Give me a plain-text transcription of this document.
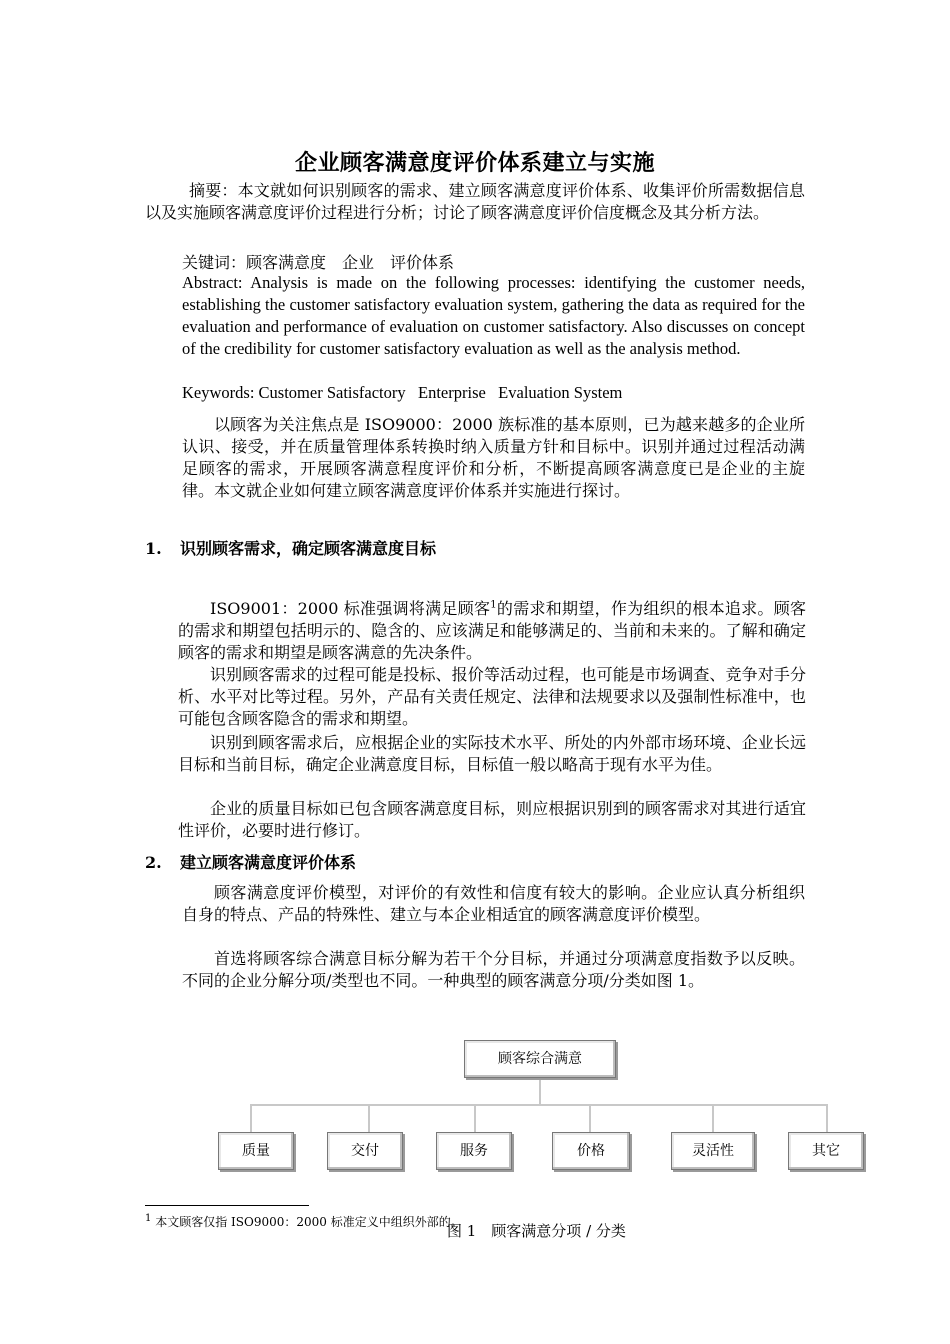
企业顾客满意度评价体系建立与实施

摘要：本文就如何识别顾客的需求、建立顾客满意度评价体系、收集评价所需数据信息以及实施顾客满意度评价过程进行分析；讨论了顾客满意度评价信度概念及其分析方法。

关键词：顾客满意度　企业　评价体系

Abstract: Analysis is made on the following processes: identifying the customer needs, establishing the customer satisfactory evaluation system, gathering the data as required for the evaluation and performance of evaluation on customer satisfactory. Also discusses on concept of the credibility for customer satisfactory evaluation as well as the analysis method.

Keywords: Customer Satisfactory   Enterprise   Evaluation System

以顾客为关注焦点是 ISO9000：2000 族标准的基本原则，已为越来越多的企业所认识、接受，并在质量管理体系转换时纳入质量方针和目标中。识别并通过过程活动满足顾客的需求，开展顾客满意程度评价和分析，不断提高顾客满意度已是企业的主旋律。本文就企业如何建立顾客满意度评价体系并实施进行探讨。

1. 识别顾客需求，确定顾客满意度目标

ISO9001：2000 标准强调将满足顾客$^1$的需求和期望，作为组织的根本追求。顾客的需求和期望包括明示的、隐含的、应该满足和能够满足的、当前和未来的。了解和确定顾客的需求和期望是顾客满意的先决条件。

识别顾客需求的过程可能是投标、报价等活动过程，也可能是市场调查、竞争对手分析、水平对比等过程。另外，产品有关责任规定、法律和法规要求以及强制性标准中，也可能包含顾客隐含的需求和期望。

识别到顾客需求后，应根据企业的实际技术水平、所处的内外部市场环境、企业长远目标和当前目标，确定企业满意度目标，目标值一般以略高于现有水平为佳。

企业的质量目标如已包含顾客满意度目标，则应根据识别到的顾客需求对其进行适宜性评价，必要时进行修订。

2. 建立顾客满意度评价体系

顾客满意度评价模型，对评价的有效性和信度有较大的影响。企业应认真分析组织自身的特点、产品的特殊性、建立与本企业相适宜的顾客满意度评价模型。

首选将顾客综合满意目标分解为若干个分目标，并通过分项满意度指数予以反映。不同的企业分解分项/类型也不同。一种典型的顾客满意分项/分类如图 1。

顾客综合满意
质量	交付	服务	价格	灵活性	其它
图 1　顾客满意分项 / 分类
$^1$ 本文顾客仅指 ISO9000：2000 标准定义中组织外部的。
